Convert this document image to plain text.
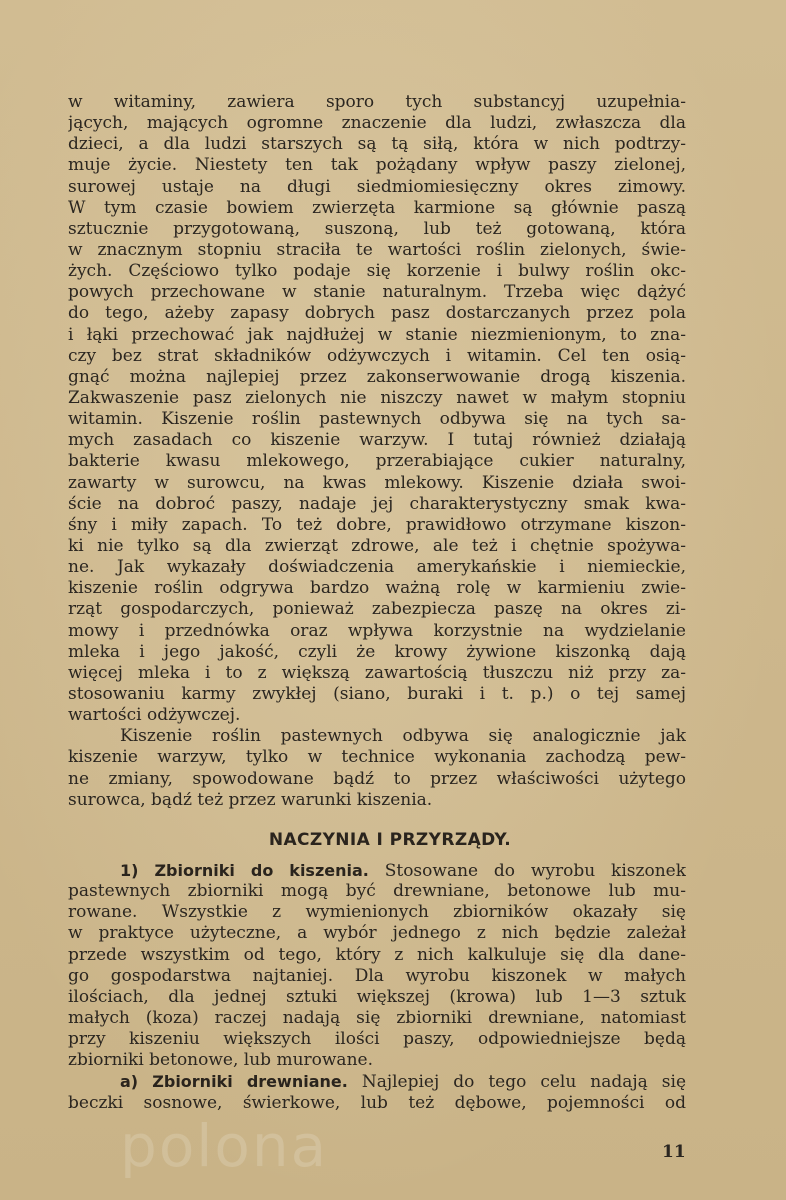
w witaminy, zawiera sporo tych substancyj uzupełnia-
jących, mających ogromne znaczenie dla ludzi, zwłaszcza dla
dzieci, a dla ludzi starszych są tą siłą, która w nich podtrzy-
muje życie. Niestety ten tak pożądany wpływ paszy zielonej,
surowej ustaje na długi siedmiomiesięczny okres zimowy.
W tym czasie bowiem zwierzęta karmione są głównie paszą
sztucznie przygotowaną, suszoną, lub też gotowaną, która
w znacznym stopniu straciła te wartości roślin zielonych, świe-
żych. Częściowo tylko podaje się korzenie i bulwy roślin okc-
powych przechowane w stanie naturalnym. Trzeba więc dążyć
do tego, ażeby zapasy dobrych pasz dostarczanych przez pola
i łąki przechować jak najdłużej w stanie niezmienionym, to zna-
czy bez strat składników odżywczych i witamin. Cel ten osią-
gnąć można najlepiej przez zakonserwowanie drogą kiszenia.
Zakwaszenie pasz zielonych nie niszczy nawet w małym stopniu
witamin. Kiszenie roślin pastewnych odbywa się na tych sa-
mych zasadach co kiszenie warzyw. I tutaj również działają
bakterie kwasu mlekowego, przerabiające cukier naturalny,
zawarty w surowcu, na kwas mlekowy. Kiszenie działa swoi-
ście na dobroć paszy, nadaje jej charakterystyczny smak kwa-
śny i miły zapach. To też dobre, prawidłowo otrzymane kiszon-
ki nie tylko są dla zwierząt zdrowe, ale też i chętnie spożywa-
ne. Jak wykazały doświadczenia amerykańskie i niemieckie,
kiszenie roślin odgrywa bardzo ważną rolę w karmieniu zwie-
rząt gospodarczych, ponieważ zabezpiecza paszę na okres zi-
mowy i przednówka oraz wpływa korzystnie na wydzielanie
mleka i jego jakość, czyli że krowy żywione kiszonką dają
więcej mleka i to z większą zawartością tłuszczu niż przy za-
stosowaniu karmy zwykłej (siano, buraki i t. p.) o tej samej
wartości odżywczej.
Kiszenie roślin pastewnych odbywa się analogicznie jak
kiszenie warzyw, tylko w technice wykonania zachodzą pew-
ne zmiany, spowodowane bądź to przez właściwości użytego
surowca, bądź też przez warunki kiszenia.
NACZYNIA I PRZYRZĄDY.
1) Zbiorniki do kiszenia. Stosowane do wyrobu kiszonek
pastewnych zbiorniki mogą być drewniane, betonowe lub mu-
rowane. Wszystkie z wymienionych zbiorników okazały się
w praktyce użyteczne, a wybór jednego z nich będzie zależał
przede wszystkim od tego, który z nich kalkuluje się dla dane-
go gospodarstwa najtaniej. Dla wyrobu kiszonek w małych
ilościach, dla jednej sztuki większej (krowa) lub 1—3 sztuk
małych (koza) raczej nadają się zbiorniki drewniane, natomiast
przy kiszeniu większych ilości paszy, odpowiedniejsze będą
zbiorniki betonowe, lub murowane.
a) Zbiorniki drewniane. Najlepiej do tego celu nadają się
beczki sosnowe, świerkowe, lub też dębowe, pojemności od
polona	11
